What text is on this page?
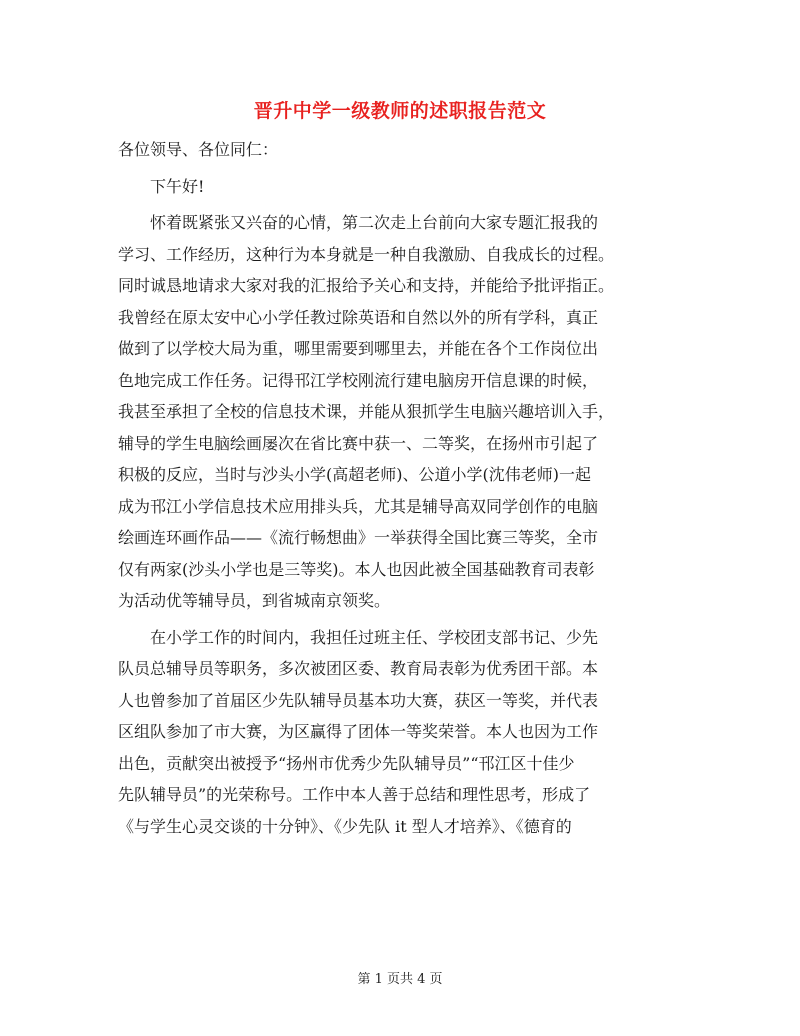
晋升中学一级教师的述职报告范文
各位领导、各位同仁：
下午好!
怀着既紧张又兴奋的心情，第二次走上台前向大家专题汇报我的
学习、工作经历，这种行为本身就是一种自我激励、自我成长的过程。
同时诚恳地请求大家对我的汇报给予关心和支持，并能给予批评指正。
我曾经在原太安中心小学任教过除英语和自然以外的所有学科，真正
做到了以学校大局为重，哪里需要到哪里去，并能在各个工作岗位出
色地完成工作任务。记得邗江学校刚流行建电脑房开信息课的时候，
我甚至承担了全校的信息技术课，并能从狠抓学生电脑兴趣培训入手，
辅导的学生电脑绘画屡次在省比赛中获一、二等奖，在扬州市引起了
积极的反应，当时与沙头小学(高超老师)、公道小学(沈伟老师)一起
成为邗江小学信息技术应用排头兵，尤其是辅导高双同学创作的电脑
绘画连环画作品——《流行畅想曲》一举获得全国比赛三等奖，全市
仅有两家(沙头小学也是三等奖)。本人也因此被全国基础教育司表彰
为活动优等辅导员，到省城南京领奖。
在小学工作的时间内，我担任过班主任、学校团支部书记、少先
队员总辅导员等职务，多次被团区委、教育局表彰为优秀团干部。本
人也曾参加了首届区少先队辅导员基本功大赛，获区一等奖，并代表
区组队参加了市大赛，为区赢得了团体一等奖荣誉。本人也因为工作
出色，贡献突出被授予“扬州市优秀少先队辅导员”“邗江区十佳少
先队辅导员”的光荣称号。工作中本人善于总结和理性思考，形成了
《与学生心灵交谈的十分钟》、《少先队 it 型人才培养》、《德育的
第 1 页共 4 页
